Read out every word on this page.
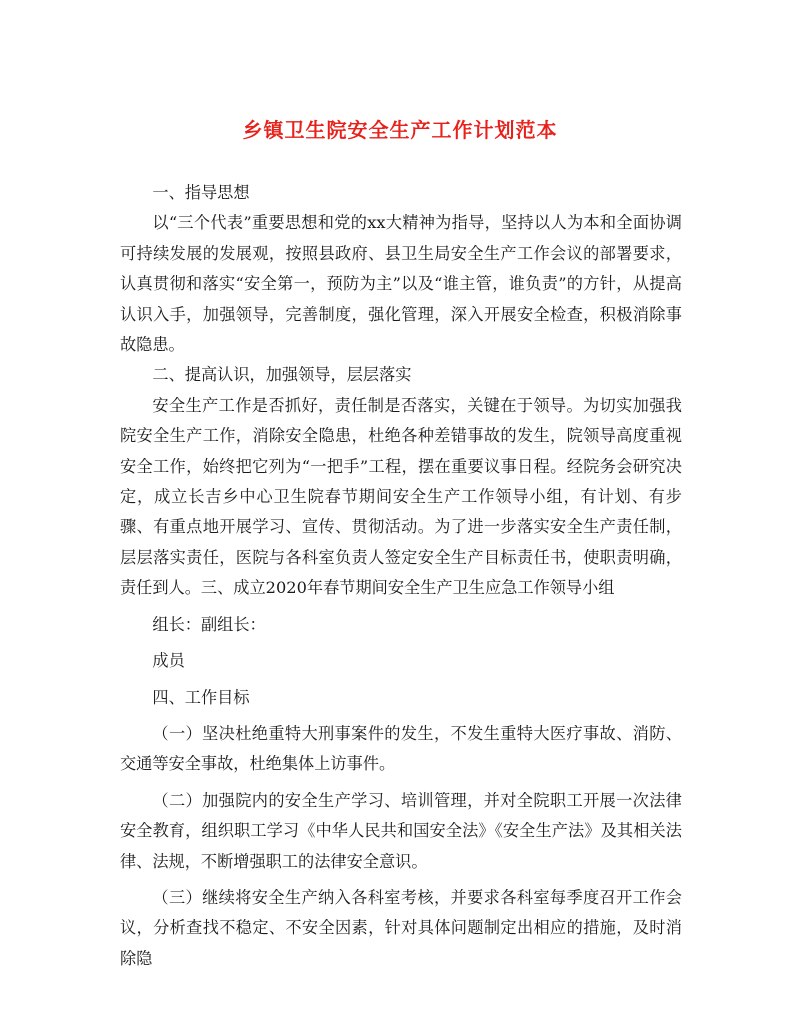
乡镇卫生院安全生产工作计划范本

一、指导思想

以“三个代表”重要思想和党的xx大精神为指导，坚持以人为本和全面协调可持续发展的发展观，按照县政府、县卫生局安全生产工作会议的部署要求，认真贯彻和落实“安全第一，预防为主”以及“谁主管，谁负责”的方针，从提高认识入手，加强领导，完善制度，强化管理，深入开展安全检查，积极消除事故隐患。

二、提高认识，加强领导，层层落实

安全生产工作是否抓好，责任制是否落实，关键在于领导。为切实加强我院安全生产工作，消除安全隐患，杜绝各种差错事故的发生，院领导高度重视安全工作，始终把它列为“一把手”工程，摆在重要议事日程。经院务会研究决定，成立长吉乡中心卫生院春节期间安全生产工作领导小组，有计划、有步骤、有重点地开展学习、宣传、贯彻活动。为了进一步落实安全生产责任制，层层落实责任，医院与各科室负责人签定安全生产目标责任书，使职责明确，责任到人。三、成立2020年春节期间安全生产卫生应急工作领导小组

组长：副组长：

成员

四、工作目标

（一）坚决杜绝重特大刑事案件的发生，不发生重特大医疗事故、消防、交通等安全事故，杜绝集体上访事件。

（二）加强院内的安全生产学习、培训管理，并对全院职工开展一次法律安全教育，组织职工学习《中华人民共和国安全法》《安全生产法》及其相关法律、法规，不断增强职工的法律安全意识。

（三）继续将安全生产纳入各科室考核，并要求各科室每季度召开工作会议，分析查找不稳定、不安全因素，针对具体问题制定出相应的措施，及时消除隐
